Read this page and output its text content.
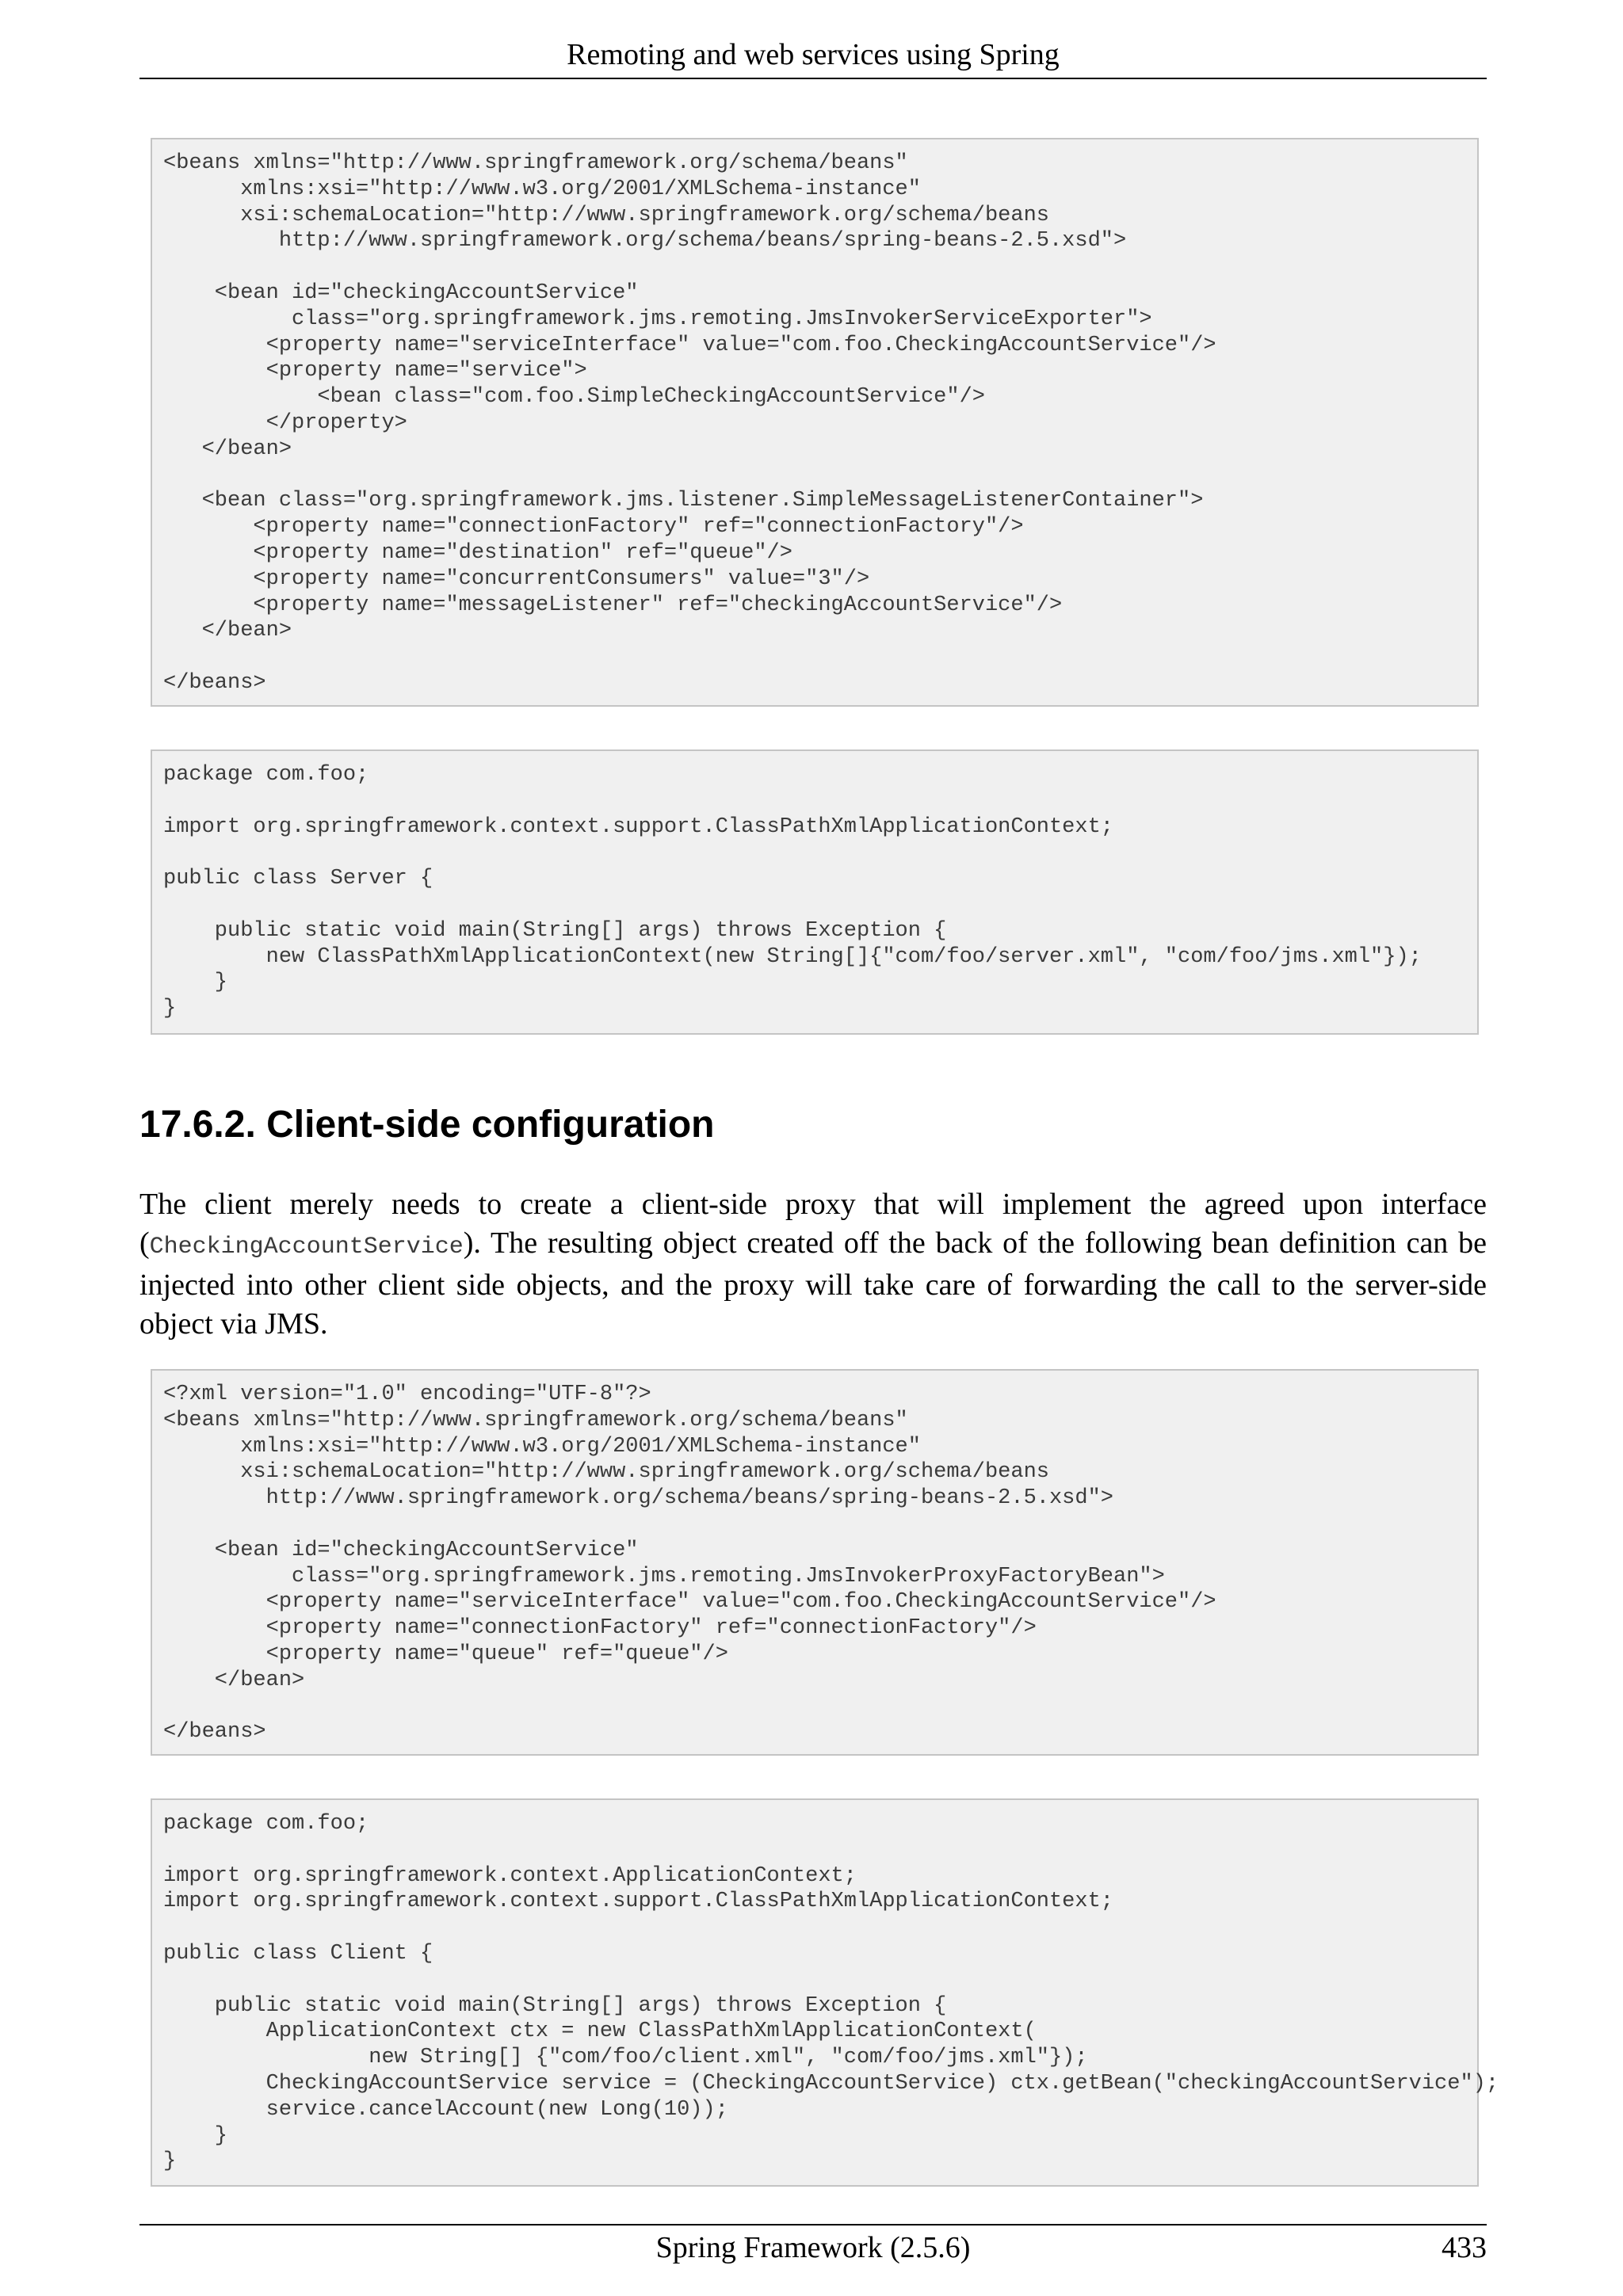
Remoting and web services using Spring
<beans xmlns="http://www.springframework.org/schema/beans"
xmlns:xsi="http://www.w3.org/2001/XMLSchema-instance"
xsi:schemaLocation="http://www.springframework.org/schema/beans
http://www.springframework.org/schema/beans/spring-beans-2.5.xsd">

<bean id="checkingAccountService"
class="org.springframework.jms.remoting.JmsInvokerServiceExporter">
<property name="serviceInterface" value="com.foo.CheckingAccountService"/>
<property name="service">
<bean class="com.foo.SimpleCheckingAccountService"/>
</property>
</bean>

<bean class="org.springframework.jms.listener.SimpleMessageListenerContainer">
<property name="connectionFactory" ref="connectionFactory"/>
<property name="destination" ref="queue"/>
<property name="concurrentConsumers" value="3"/>
<property name="messageListener" ref="checkingAccountService"/>
</bean>

</beans>
package com.foo;

import org.springframework.context.support.ClassPathXmlApplicationContext;

public class Server {

public static void main(String[] args) throws Exception {
new ClassPathXmlApplicationContext(new String[]{"com/foo/server.xml", "com/foo/jms.xml"});
}
}
17.6.2. Client-side configuration

The client merely needs to create a client-side proxy that will implement the agreed upon interface (CheckingAccountService). The resulting object created off the back of the following bean definition can be injected into other client side objects, and the proxy will take care of forwarding the call to the server-side object via JMS.

<?xml version="1.0" encoding="UTF-8"?>
<beans xmlns="http://www.springframework.org/schema/beans"
xmlns:xsi="http://www.w3.org/2001/XMLSchema-instance"
xsi:schemaLocation="http://www.springframework.org/schema/beans
http://www.springframework.org/schema/beans/spring-beans-2.5.xsd">

<bean id="checkingAccountService"
class="org.springframework.jms.remoting.JmsInvokerProxyFactoryBean">
<property name="serviceInterface" value="com.foo.CheckingAccountService"/>
<property name="connectionFactory" ref="connectionFactory"/>
<property name="queue" ref="queue"/>
</bean>

</beans>
package com.foo;

import org.springframework.context.ApplicationContext;
import org.springframework.context.support.ClassPathXmlApplicationContext;

public class Client {

public static void main(String[] args) throws Exception {
ApplicationContext ctx = new ClassPathXmlApplicationContext(
new String[] {"com/foo/client.xml", "com/foo/jms.xml"});
CheckingAccountService service = (CheckingAccountService) ctx.getBean("checkingAccountService");
service.cancelAccount(new Long(10));
}
}
Spring Framework (2.5.6)	433
